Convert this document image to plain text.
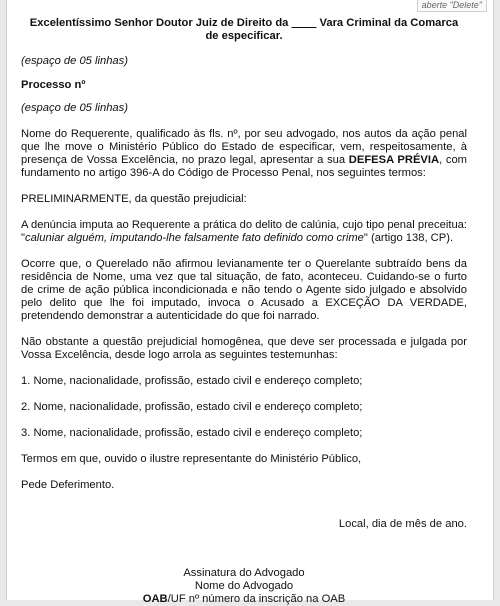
aberte "Delete"
Excelentíssimo Senhor Doutor Juiz de Direito da ____ Vara Criminal da Comarca
de especificar.

(espaço de 05 linhas)

Processo nº

(espaço de 05 linhas)

Nome do Requerente, qualificado às fls. nº, por seu advogado, nos autos da ação penal que lhe move o Ministério Público do Estado de especificar, vem, respeitosamente, à presença de Vossa Excelência, no prazo legal, apresentar a sua DEFESA PRÉVIA, com fundamento no artigo 396-A do Código de Processo Penal, nos seguintes termos:

PRELIMINARMENTE, da questão prejudicial:

A denúncia imputa ao Requerente a prática do delito de calúnia, cujo tipo penal preceitua: "caluniar alguém, imputando-lhe falsamente fato definido como crime" (artigo 138, CP).

Ocorre que, o Querelado não afirmou levianamente ter o Querelante subtraído bens da residência de Nome, uma vez que tal situação, de fato, aconteceu. Cuidando-se o furto de crime de ação pública incondicionada e não tendo o Agente sido julgado e absolvido pelo delito que lhe foi imputado, invoca o Acusado a EXCEÇÃO DA VERDADE, pretendendo demonstrar a autenticidade do que foi narrado.

Não obstante a questão prejudicial homogênea, que deve ser processada e julgada por Vossa Excelência, desde logo arrola as seguintes testemunhas:

1. Nome, nacionalidade, profissão, estado civil e endereço completo;

2. Nome, nacionalidade, profissão, estado civil e endereço completo;

3. Nome, nacionalidade, profissão, estado civil e endereço completo;

Termos em que, ouvido o ilustre representante do Ministério Público,

Pede Deferimento.

Local, dia de mês de ano.

Assinatura do Advogado
Nome do Advogado
OAB/UF nº número da inscrição na OAB
